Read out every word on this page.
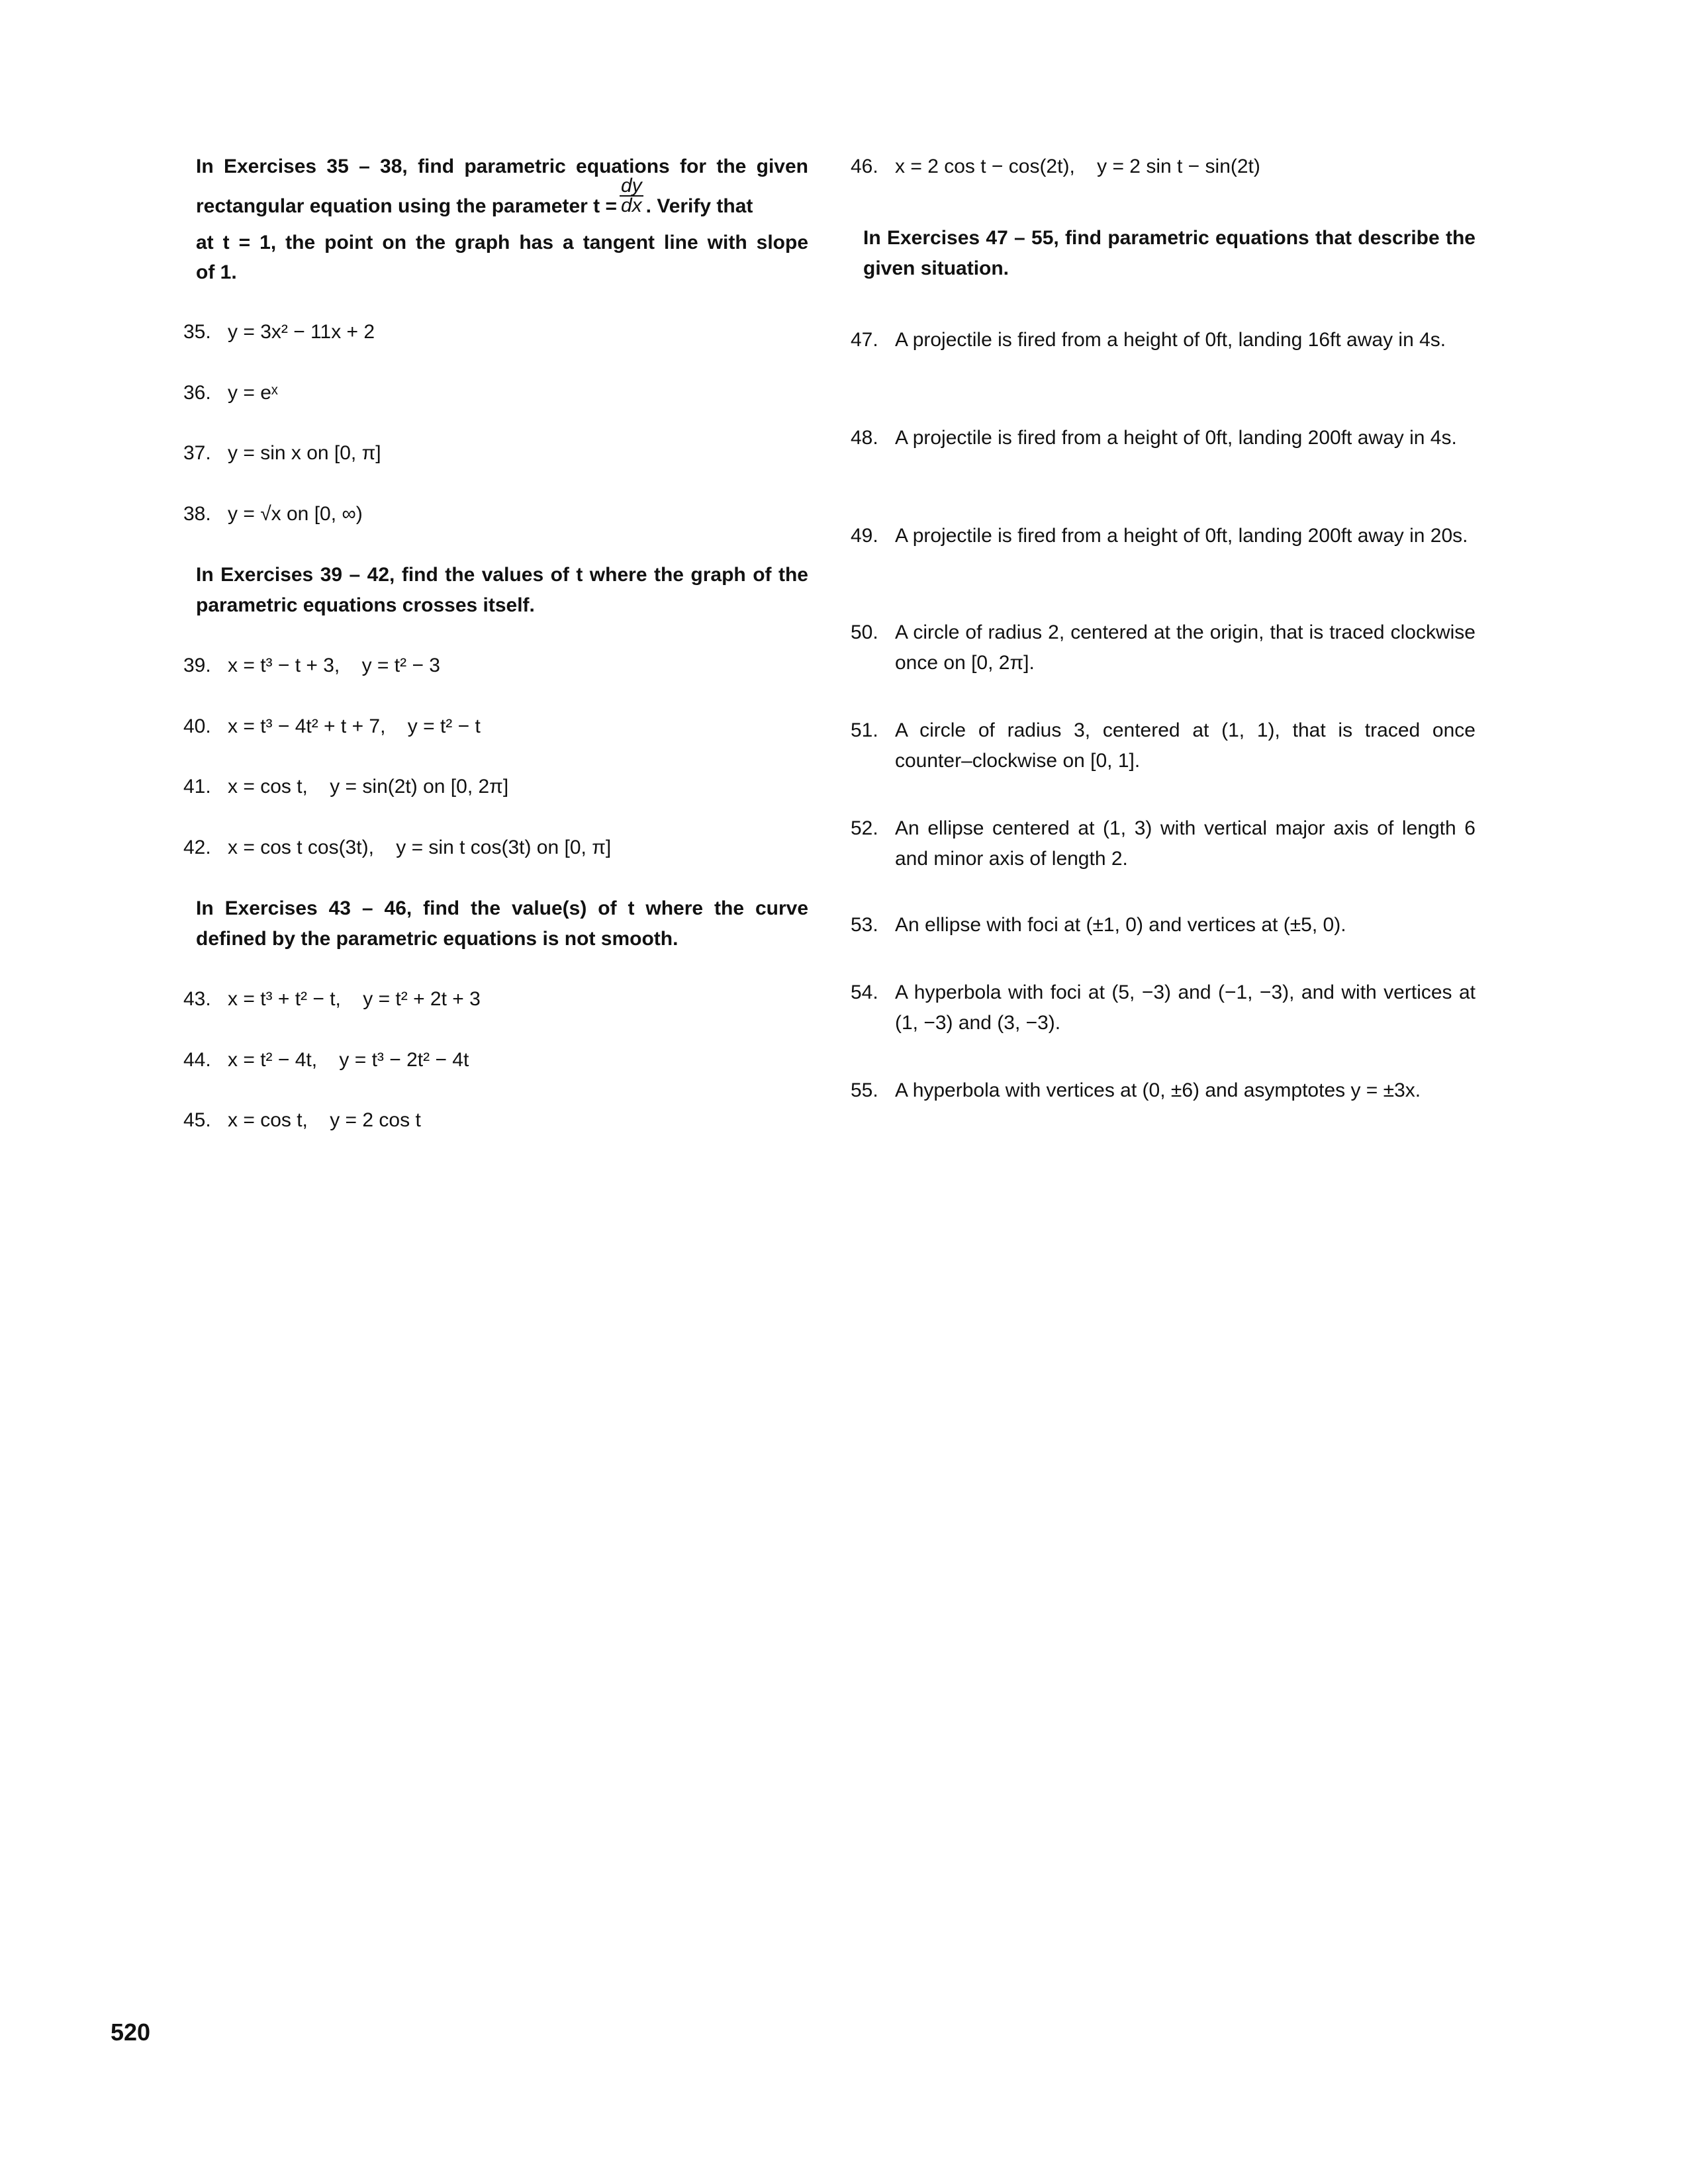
In Exercises 35 – 38, find parametric equations for the given
rectangular equation using the parameter $t = \frac{dy}{dx}$ . Verify that
at t = 1, the point on the graph has a tangent line with slope
of 1.
35. y = 3x² − 11x + 2
36. y = eˣ
37. y = sin x on [0, π]
38. y = √x on [0, ∞)
In Exercises 39 – 42, find the values of t where the graph of the parametric equations crosses itself.
39. x = t³ − t + 3,    y = t² − 3
40. x = t³ − 4t² + t + 7,    y = t² − t
41. x = cos t,    y = sin(2t) on [0, 2π]
42. x = cos t cos(3t),    y = sin t cos(3t) on [0, π]
In Exercises 43 – 46, find the value(s) of t where the curve defined by the parametric equations is not smooth.
43. x = t³ + t² − t,    y = t² + 2t + 3
44. x = t² − 4t,    y = t³ − 2t² − 4t
45. x = cos t,    y = 2 cos t
46. x = 2 cos t − cos(2t),    y = 2 sin t − sin(2t)
In Exercises 47 – 55, find parametric equations that describe the given situation.
47. A projectile is fired from a height of 0ft, landing 16ft away in 4s.
48. A projectile is fired from a height of 0ft, landing 200ft away in 4s.
49. A projectile is fired from a height of 0ft, landing 200ft away in 20s.
50. A circle of radius 2, centered at the origin, that is traced clockwise once on [0, 2π].
51. A circle of radius 3, centered at (1, 1), that is traced once counter–clockwise on [0, 1].
52. An ellipse centered at (1, 3) with vertical major axis of length 6 and minor axis of length 2.
53. An ellipse with foci at (±1, 0) and vertices at (±5, 0).
54. A hyperbola with foci at (5, −3) and (−1, −3), and with vertices at (1, −3) and (3, −3).
55. A hyperbola with vertices at (0, ±6) and asymptotes y = ±3x.
520
